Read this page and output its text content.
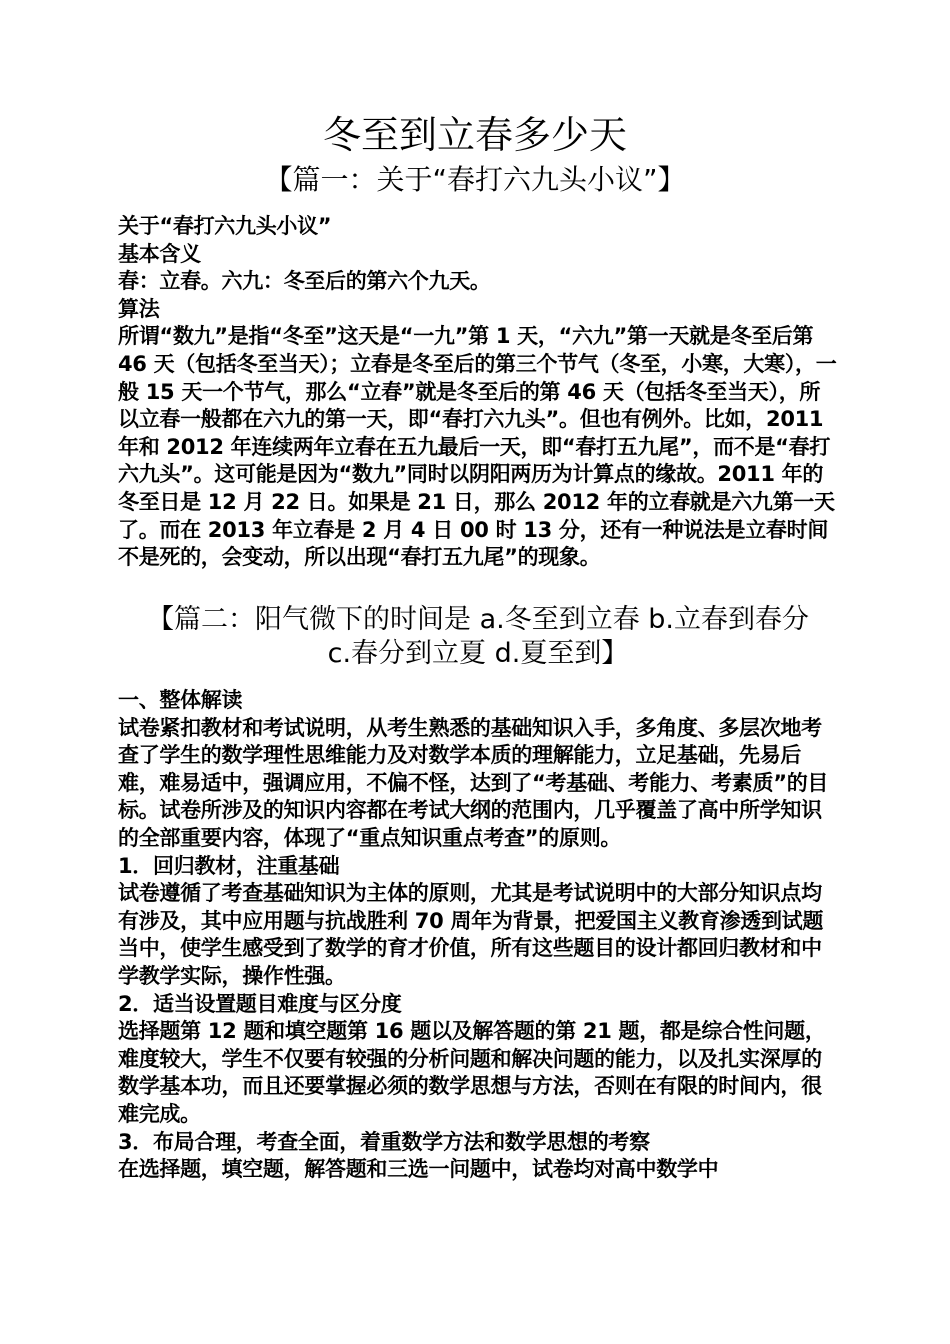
冬至到立春多少天
【篇一：关于“春打六九头小议”】

关于“春打六九头小议”

基本含义

春：立春。六九：冬至后的第六个九天。

算法

所谓“数九”是指“冬至”这天是“一九”第 1 天，“六九”第一天就是冬至后第 46 天（包括冬至当天）；立春是冬至后的第三个节气（冬至，小寒，大寒），一般 15 天一个节气，那么“立春”就是冬至后的第 46 天（包括冬至当天），所以立春一般都在六九的第一天，即“春打六九头”。但也有例外。比如，2011 年和 2012 年连续两年立春在五九最后一天，即“春打五九尾”，而不是“春打六九头”。这可能是因为“数九”同时以阴阳两历为计算点的缘故。2011 年的冬至日是 12 月 22 日。如果是 21 日，那么 2012 年的立春就是六九第一天了。而在 2013 年立春是 2 月 4 日 00 时 13 分，还有一种说法是立春时间不是死的，会变动，所以出现“春打五九尾”的现象。

【篇二：阳气微下的时间是 a.冬至到立春 b.立春到春分
c.春分到立夏 d.夏至到】

一、整体解读

试卷紧扣教材和考试说明，从考生熟悉的基础知识入手，多角度、多层次地考查了学生的数学理性思维能力及对数学本质的理解能力，立足基础，先易后难，难易适中，强调应用，不偏不怪，达到了“考基础、考能力、考素质”的目标。试卷所涉及的知识内容都在考试大纲的范围内，几乎覆盖了高中所学知识的全部重要内容，体现了“重点知识重点考查”的原则。

1．回归教材，注重基础

试卷遵循了考查基础知识为主体的原则，尤其是考试说明中的大部分知识点均有涉及，其中应用题与抗战胜利 70 周年为背景，把爱国主义教育渗透到试题当中，使学生感受到了数学的育才价值，所有这些题目的设计都回归教材和中学教学实际，操作性强。

2．适当设置题目难度与区分度

选择题第 12 题和填空题第 16 题以及解答题的第 21 题，都是综合性问题，难度较大，学生不仅要有较强的分析问题和解决问题的能力，以及扎实深厚的数学基本功，而且还要掌握必须的数学思想与方法，否则在有限的时间内，很难完成。

3．布局合理，考查全面，着重数学方法和数学思想的考察

在选择题，填空题，解答题和三选一问题中，试卷均对高中数学中
